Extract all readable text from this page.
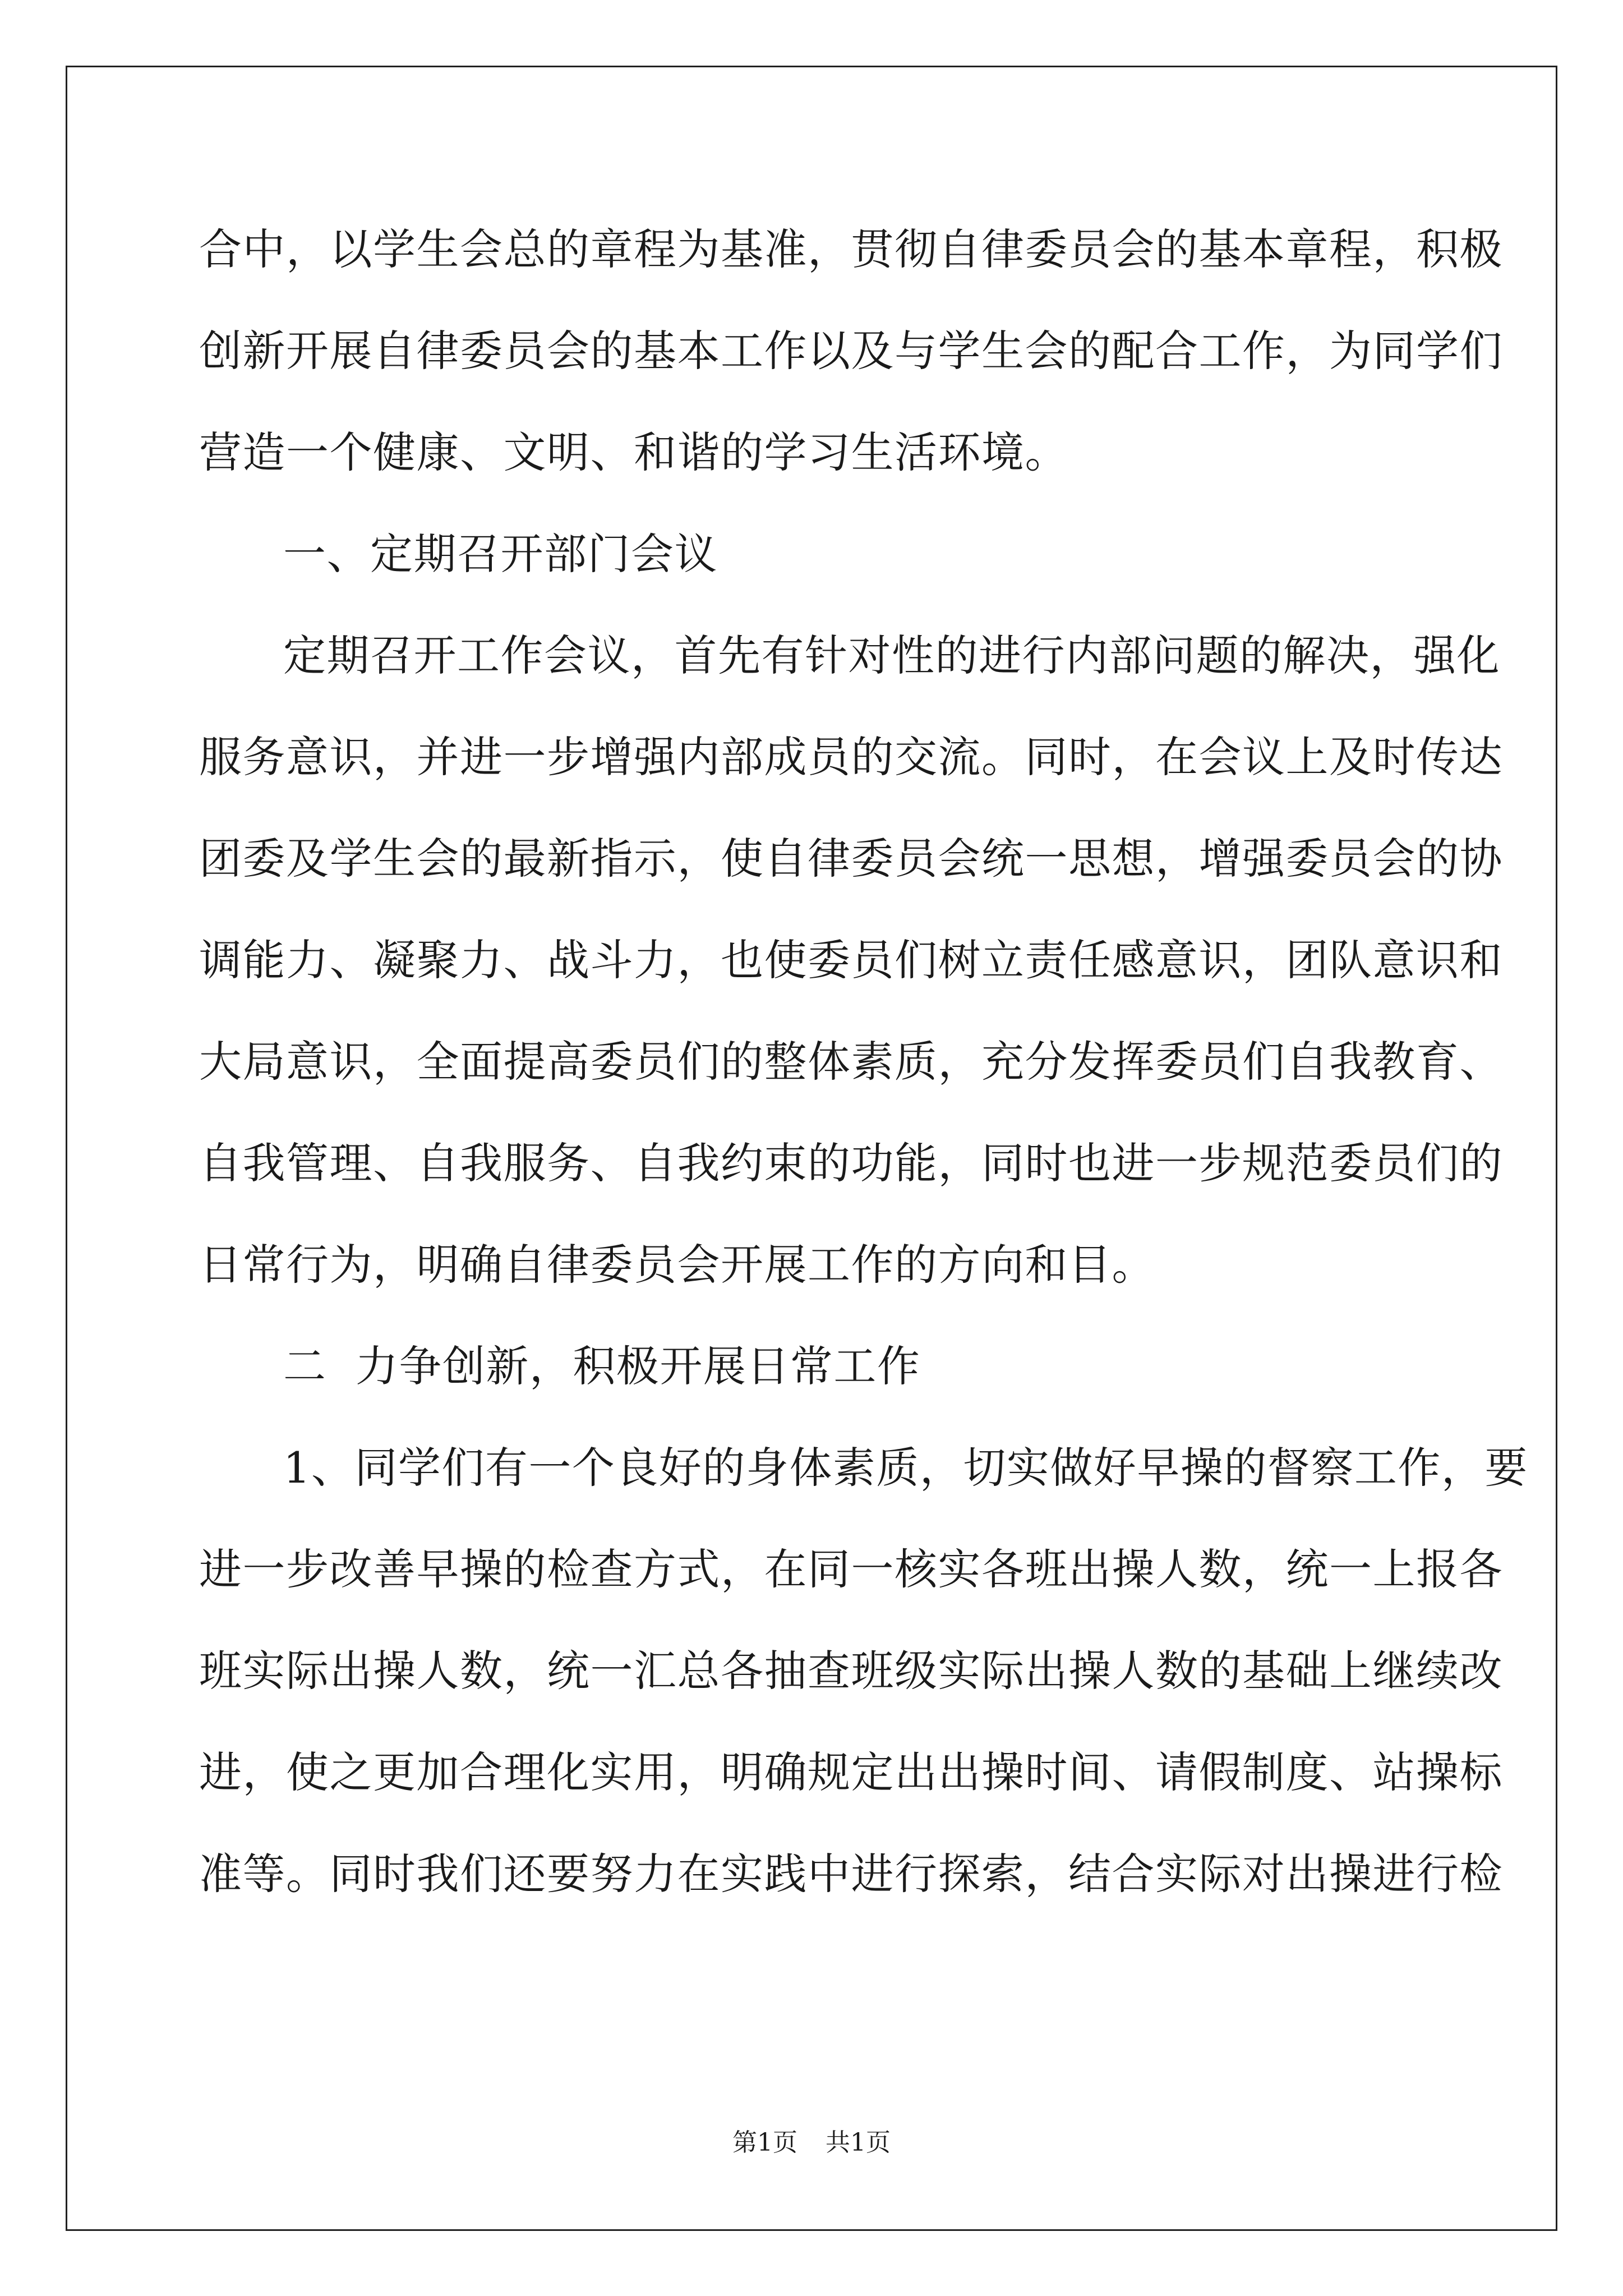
合中，以学生会总的章程为基准，贯彻自律委员会的基本章程，积极
创新开展自律委员会的基本工作以及与学生会的配合工作，为同学们
营造一个健康、文明、和谐的学习生活环境。
一、定期召开部门会议
定期召开工作会议，首先有针对性的进行内部问题的解决，强化
服务意识，并进一步增强内部成员的交流。同时，在会议上及时传达
团委及学生会的最新指示，使自律委员会统一思想，增强委员会的协
调能力、凝聚力、战斗力，也使委员们树立责任感意识，团队意识和
大局意识，全面提高委员们的整体素质，充分发挥委员们自我教育、
自我管理、自我服务、自我约束的功能，同时也进一步规范委员们的
日常行为，明确自律委员会开展工作的方向和目。
二  力争创新，积极开展日常工作
1、同学们有一个良好的身体素质，切实做好早操的督察工作，要
进一步改善早操的检查方式，在同一核实各班出操人数，统一上报各
班实际出操人数，统一汇总各抽查班级实际出操人数的基础上继续改
进，使之更加合理化实用，明确规定出出操时间、请假制度、站操标
准等。同时我们还要努力在实践中进行探索，结合实际对出操进行检
第1页 共1页
